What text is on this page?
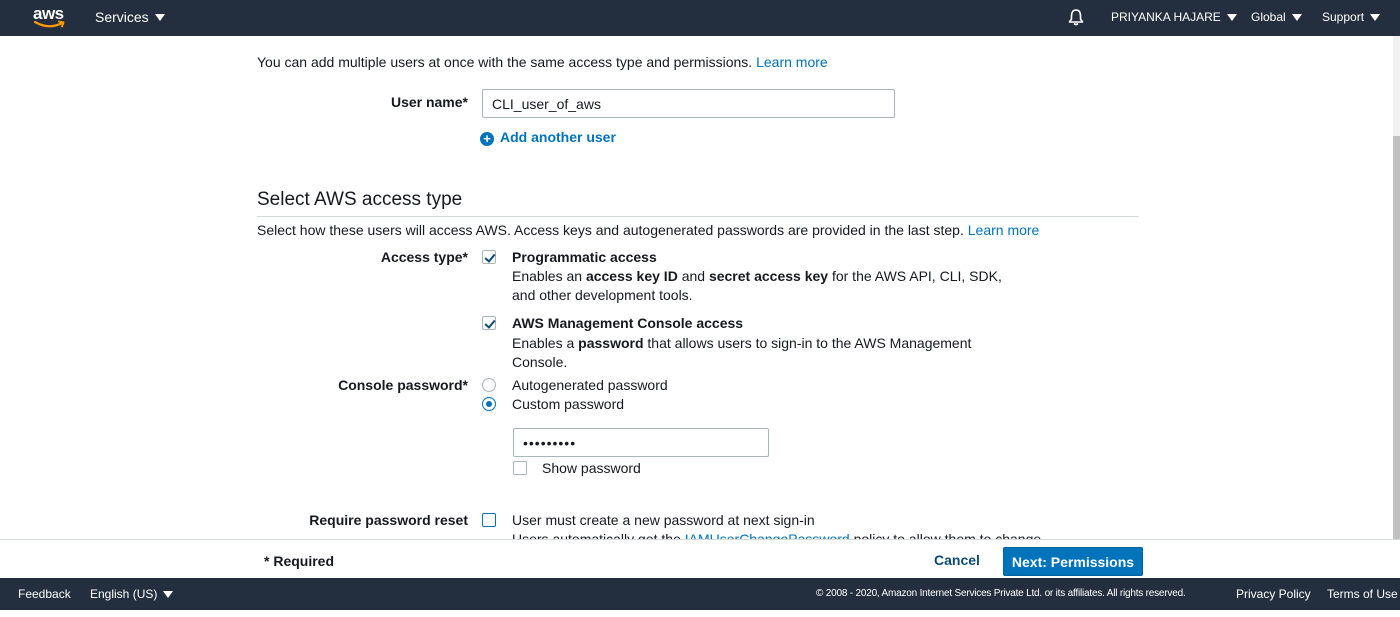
aws Services	PRIYANKA HAJARE	Global	Support
You can add multiple users at once with the same access type and permissions. Learn more
User name*
CLI_user_of_aws
+ Add another user
Select AWS access type
Select how these users will access AWS. Access keys and autogenerated passwords are provided in the last step. Learn more
Access type*	Programmatic access
Enables an access key ID and secret access key for the AWS API, CLI, SDK, and other development tools.
AWS Management Console access
Enables a password that allows users to sign-in to the AWS Management Console.
Console password*	Autogenerated password
Custom password
•••••••••
Show password
Require password reset	User must create a new password at next sign-in
* Required	Cancel	Next: Permissions
Feedback English (US)	© 2008 - 2020, Amazon Internet Services Private Ltd. or its affiliates. All rights reserved.	Privacy Policy Terms of Use
